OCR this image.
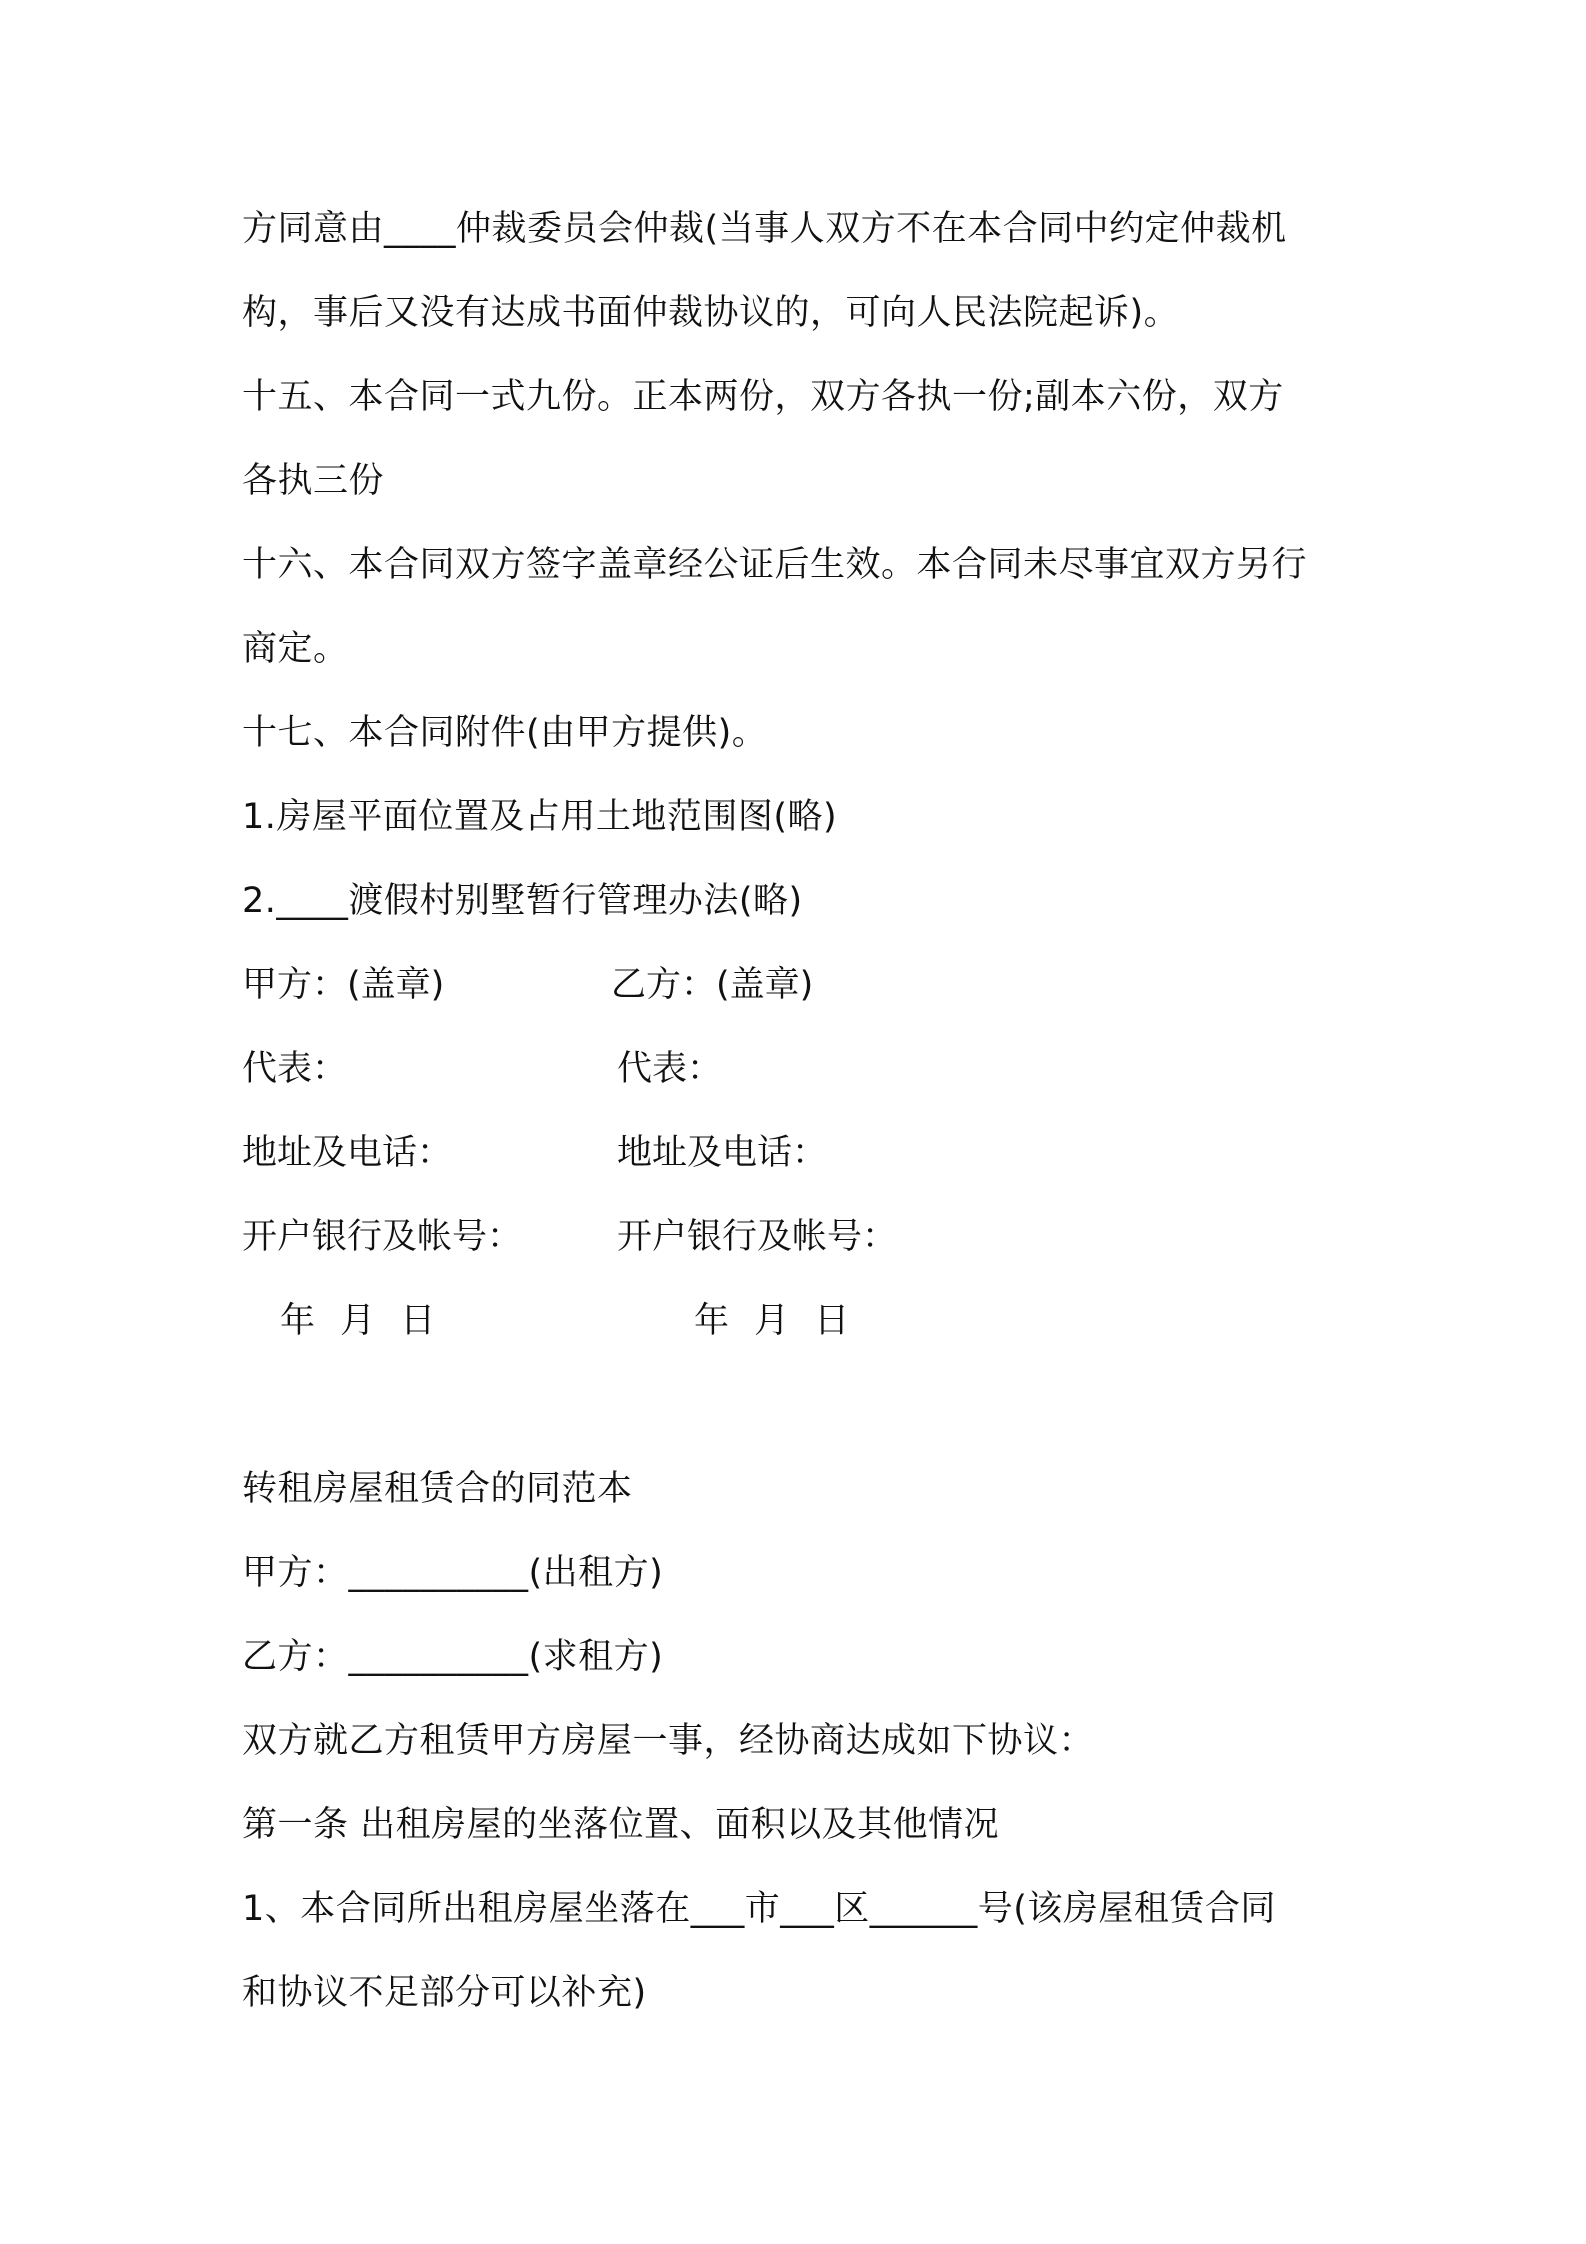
方同意由____仲裁委员会仲裁(当事人双方不在本合同中约定仲裁机
构，事后又没有达成书面仲裁协议的，可向人民法院起诉)。
十五、本合同一式九份。正本两份，双方各执一份;副本六份，双方
各执三份
十六、本合同双方签字盖章经公证后生效。本合同未尽事宜双方另行
商定。
十七、本合同附件(由甲方提供)。
1.房屋平面位置及占用土地范围图(略)
2.____渡假村别墅暂行管理办法(略)
甲方：(盖章)	乙方：(盖章)
代表：	代表：
地址及电话：	地址及电话：
开户银行及帐号：	开户银行及帐号：
年 月 日	年 月 日
转租房屋租赁合的同范本
甲方：__________(出租方)
乙方：__________(求租方)
双方就乙方租赁甲方房屋一事，经协商达成如下协议：
第一条 出租房屋的坐落位置、面积以及其他情况
1、本合同所出租房屋坐落在___市___区______号(该房屋租赁合同
和协议不足部分可以补充)
